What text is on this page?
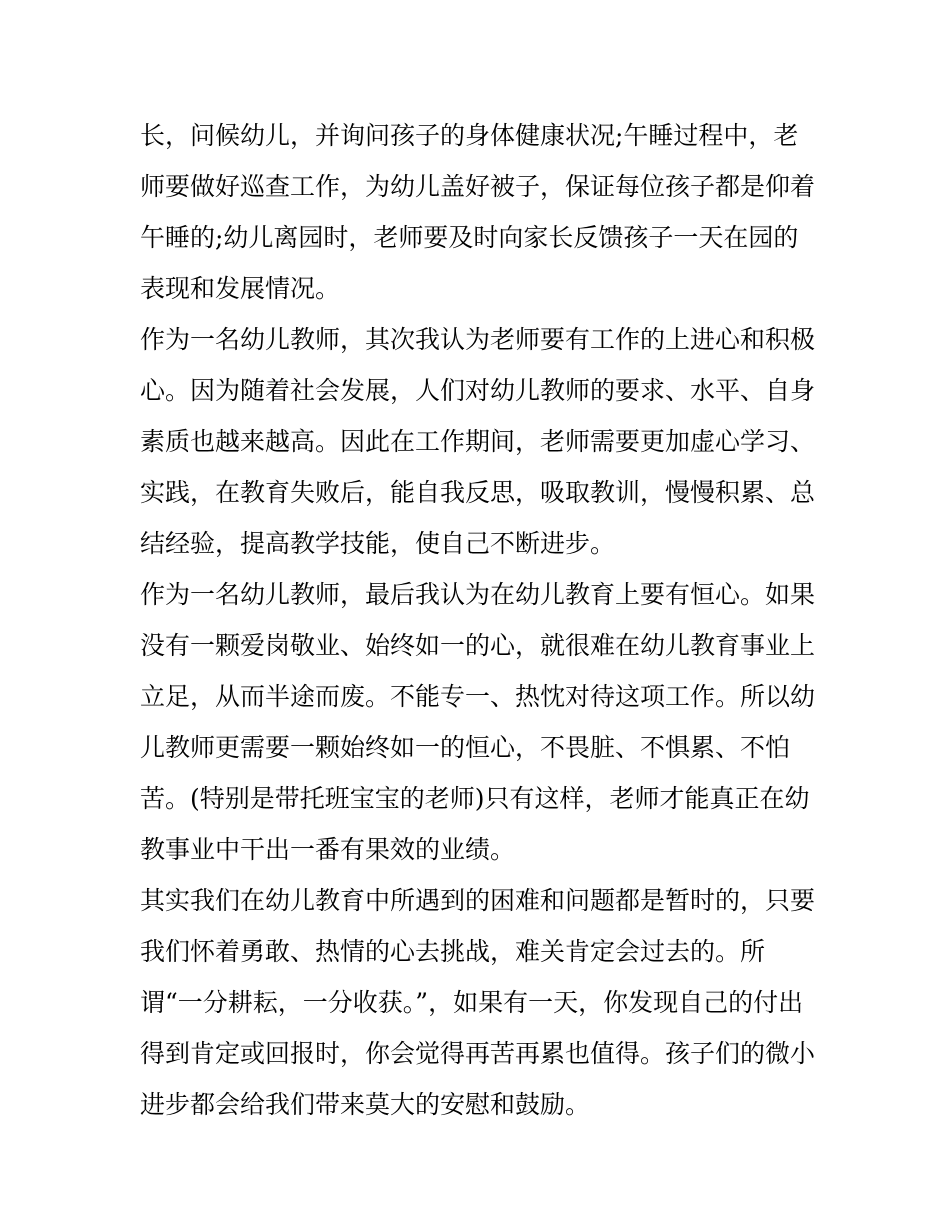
长，问候幼儿，并询问孩子的身体健康状况;午睡过程中，老
师要做好巡查工作，为幼儿盖好被子，保证每位孩子都是仰着
午睡的;幼儿离园时，老师要及时向家长反馈孩子一天在园的
表现和发展情况。
作为一名幼儿教师，其次我认为老师要有工作的上进心和积极
心。因为随着社会发展，人们对幼儿教师的要求、水平、自身
素质也越来越高。因此在工作期间，老师需要更加虚心学习、
实践，在教育失败后，能自我反思，吸取教训，慢慢积累、总
结经验，提高教学技能，使自己不断进步。
作为一名幼儿教师，最后我认为在幼儿教育上要有恒心。如果
没有一颗爱岗敬业、始终如一的心，就很难在幼儿教育事业上
立足，从而半途而废。不能专一、热忱对待这项工作。所以幼
儿教师更需要一颗始终如一的恒心，不畏脏、不惧累、不怕
苦。(特别是带托班宝宝的老师)只有这样，老师才能真正在幼
教事业中干出一番有果效的业绩。
其实我们在幼儿教育中所遇到的困难和问题都是暂时的，只要
我们怀着勇敢、热情的心去挑战，难关肯定会过去的。所
谓“一分耕耘，一分收获。”，如果有一天，你发现自己的付出
得到肯定或回报时，你会觉得再苦再累也值得。孩子们的微小
进步都会给我们带来莫大的安慰和鼓励。
